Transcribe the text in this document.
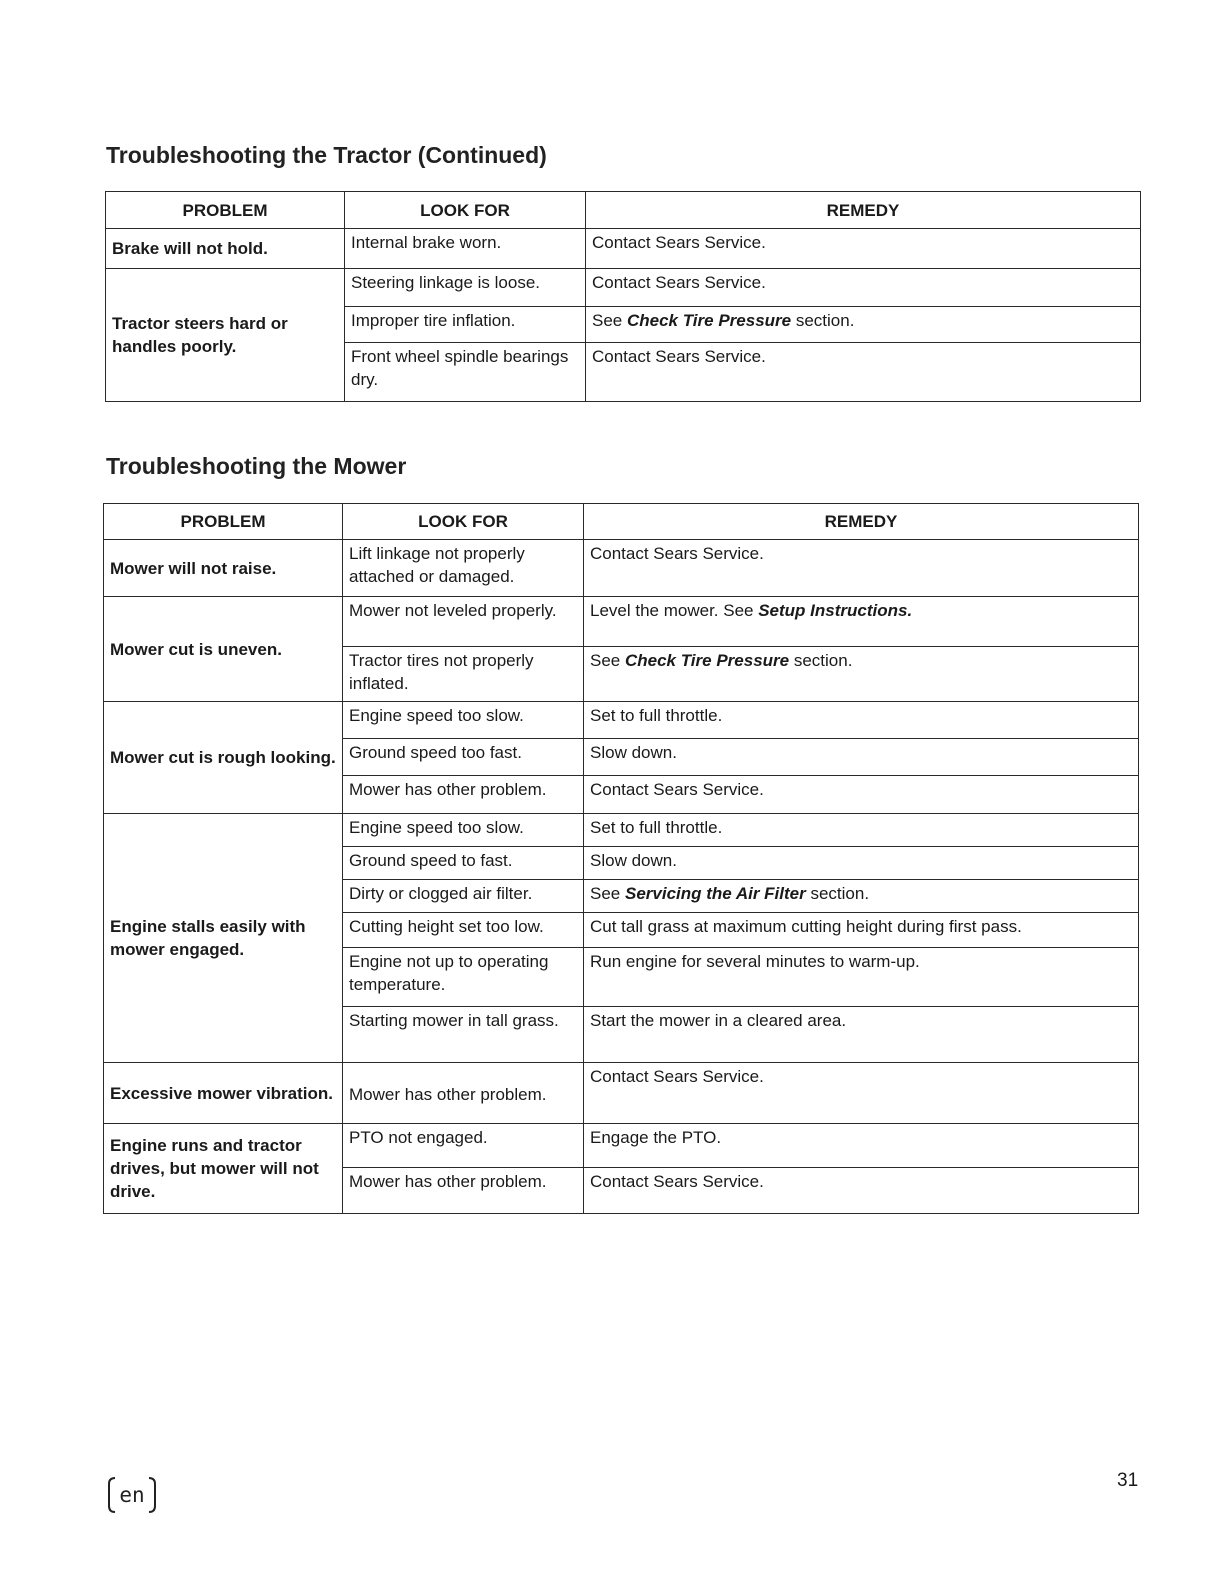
Troubleshooting the Tractor (Continued)
PROBLEM	LOOK FOR	REMEDY
Brake will not hold.	Internal brake worn.	Contact Sears Service.
Tractor steers hard or handles poorly.	Steering linkage is loose.	Contact Sears Service.
	Improper tire inflation.	See Check Tire Pressure section.
	Front wheel spindle bearings dry.	Contact Sears Service.
Troubleshooting the Mower
PROBLEM	LOOK FOR	REMEDY
Mower will not raise.	Lift linkage not properly attached or damaged.	Contact Sears Service.
Mower cut is uneven.	Mower not leveled properly.	Level the mower. See Setup Instructions.
	Tractor tires not properly inflated.	See Check Tire Pressure section.
Mower cut is rough looking.	Engine speed too slow.	Set to full throttle.
	Ground speed too fast.	Slow down.
	Mower has other problem.	Contact Sears Service.
Engine stalls easily with mower engaged.	Engine speed too slow.	Set to full throttle.
	Ground speed to fast.	Slow down.
	Dirty or clogged air filter.	See Servicing the Air Filter section.
	Cutting height set too low.	Cut tall grass at maximum cutting height during first pass.
	Engine not up to operating temperature.	Run engine for several minutes to warm-up.
	Starting mower in tall grass.	Start the mower in a cleared area.
Excessive mower vibration.	Mower has other problem.	Contact Sears Service.
Engine runs and tractor drives, but mower will not drive.	PTO not engaged.	Engage the PTO.
	Mower has other problem.	Contact Sears Service.
en
31
